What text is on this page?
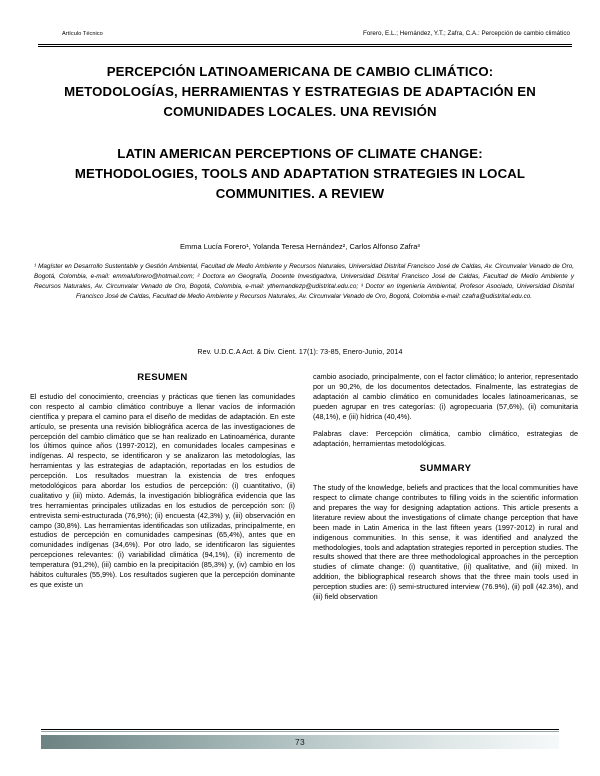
Artículo Técnico	Forero, E.L.; Hernández, Y.T.; Zafra, C.A.: Percepción de cambio climático
PERCEPCIÓN LATINOAMERICANA DE CAMBIO CLIMÁTICO: METODOLOGÍAS, HERRAMIENTAS Y ESTRATEGIAS DE ADAPTACIÓN EN COMUNIDADES LOCALES. UNA REVISIÓN
LATIN AMERICAN PERCEPTIONS OF CLIMATE CHANGE: METHODOLOGIES, TOOLS AND ADAPTATION STRATEGIES IN LOCAL COMMUNITIES. A REVIEW
Emma Lucía Forero¹, Yolanda Teresa Hernández², Carlos Alfonso Zafra³
¹ Magíster en Desarrollo Sustentable y Gestión Ambiental, Facultad de Medio Ambiente y Recursos Naturales, Universidad Distrital Francisco José de Caldas, Av. Circunvalar Venado de Oro, Bogotá, Colombia, e-mail: emmaluforero@hotmail.com; ² Doctora en Geografía, Docente Investigadora, Universidad Distrital Francisco José de Caldas, Facultad de Medio Ambiente y Recursos Naturales, Av. Circunvalar Venado de Oro, Bogotá, Colombia, e-mail: ythernandezp@udistrital.edu.co; ³ Doctor en Ingeniería Ambiental, Profesor Asociado, Universidad Distrital Francisco José de Caldas, Facultad de Medio Ambiente y Recursos Naturales, Av. Circunvalar Venado de Oro, Bogotá, Colombia e-mail: czafra@udistrital.edu.co.
Rev. U.D.C.A Act. & Div. Cient. 17(1): 73-85, Enero-Junio, 2014
RESUMEN

El estudio del conocimiento, creencias y prácticas que tienen las comunidades con respecto al cambio climático contribuye a llenar vacíos de información científica y prepara el camino para el diseño de medidas de adaptación. En este artículo, se presenta una revisión bibliográfica acerca de las investigaciones de percepción del cambio climático que se han realizado en Latinoamérica, durante los últimos quince años (1997-2012), en comunidades locales campesinas e indígenas. Al respecto, se identificaron y se analizaron las metodologías, las herramientas y las estrategias de adaptación, reportadas en los estudios de percepción. Los resultados muestran la existencia de tres enfoques metodológicos para abordar los estudios de percepción: (i) cuantitativo, (ii) cualitativo y (iii) mixto. Además, la investigación bibliográfica evidencia que las tres herramientas principales utilizadas en los estudios de percepción son: (i) entrevista semi-estructurada (76,9%); (ii) encuesta (42,3%) y, (iii) observación en campo (30,8%). Las herramientas identificadas son utilizadas, principalmente, en estudios de percepción en comunidades campesinas (65,4%), antes que en comunidades indígenas (34,6%). Por otro lado, se identificaron las siguientes percepciones relevantes: (i) variabilidad climática (94,1%), (ii) incremento de temperatura (91,2%), (iii) cambio en la precipitación (85,3%) y, (iv) cambio en los hábitos culturales (55,9%). Los resultados sugieren que la percepción dominante es que existe un

cambio asociado, principalmente, con el factor climático; lo anterior, representado por un 90,2%, de los documentos detectados. Finalmente, las estrategias de adaptación al cambio climático en comunidades locales latinoamericanas, se pueden agrupar en tres categorías: (i) agropecuaria (57,6%), (ii) comunitaria (48,1%), e (iii) hídrica (40,4%).

Palabras clave: Percepción climática, cambio climático, estrategias de adaptación, herramientas metodológicas.

SUMMARY

The study of the knowledge, beliefs and practices that the local communities have respect to climate change contributes to filling voids in the scientific information and prepares the way for designing adaptation actions. This article presents a literature review about the investigations of climate change perception that have been made in Latin America in the last fifteen years (1997-2012) in rural and indigenous communities. In this sense, it was identified and analyzed the methodologies, tools and adaptation strategies reported in perception studies. The results showed that there are three methodological approaches in the perception studies of climate change: (i) quantitative, (ii) qualitative, and (iii) mixed. In addition, the bibliographical research shows that the three main tools used in perception studies are: (i) semi-structured interview (76.9%), (ii) poll (42.3%), and (iii) field observation

73
